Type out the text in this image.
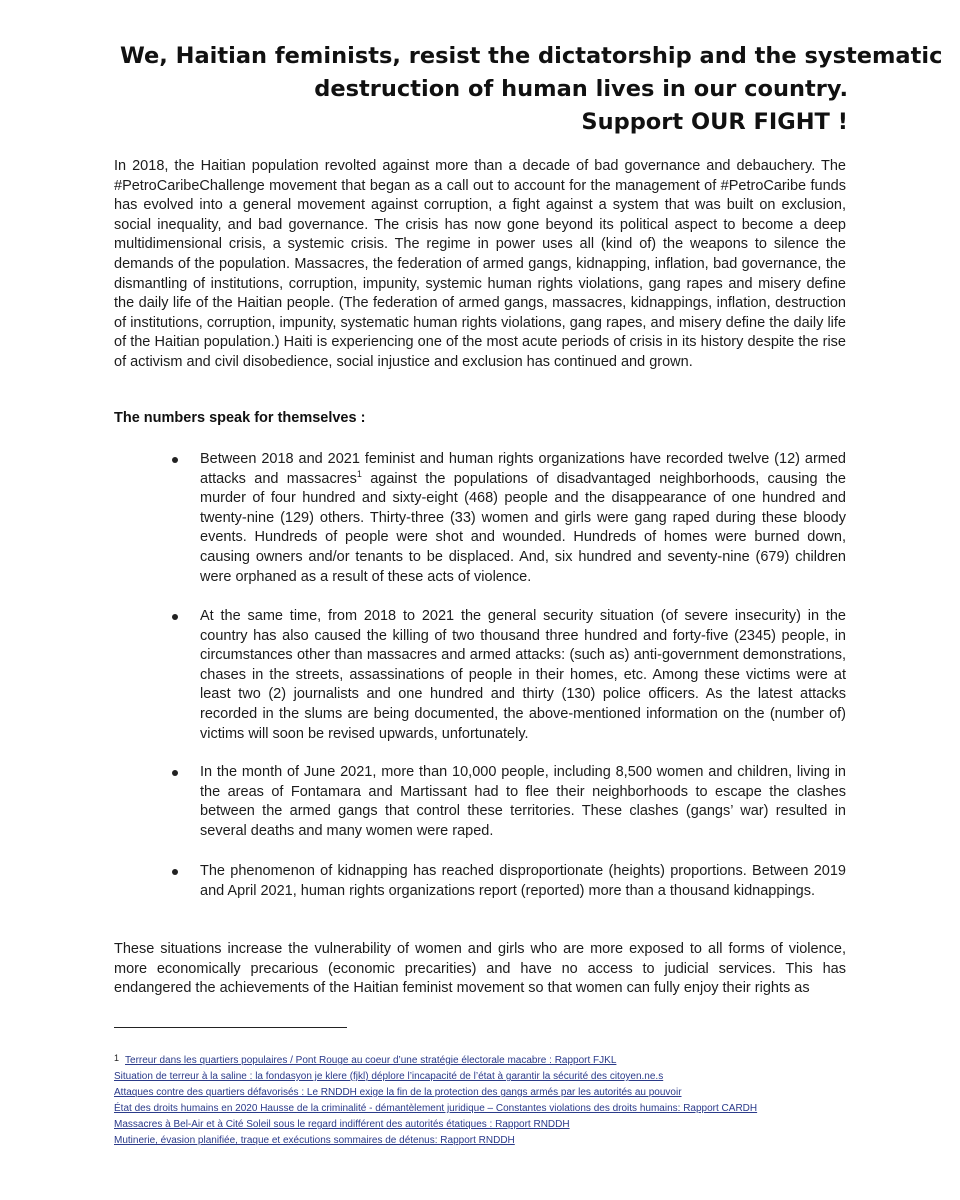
We, Haitian feminists, resist the dictatorship and the systematic
destruction of human lives in our country.
Support OUR FIGHT !
In 2018, the Haitian population revolted against more than a decade of bad governance and debauchery. The #PetroCaribeChallenge movement that began as a call out to account for the management of #PetroCaribe funds has evolved into a general movement against corruption, a fight against a system that was built on exclusion, social inequality, and bad governance. The crisis has now gone beyond its political aspect to become a deep multidimensional crisis, a systemic crisis. The regime in power uses all (kind of) the weapons to silence the demands of the population. Massacres, the federation of armed gangs, kidnapping, inflation, bad governance, the dismantling of institutions, corruption, impunity, systemic human rights violations, gang rapes and misery define the daily life of the Haitian people. (The federation of armed gangs, massacres, kidnappings, inflation, destruction of institutions, corruption, impunity, systematic human rights violations, gang rapes, and misery define the daily life of the Haitian population.) Haiti is experiencing one of the most acute periods of crisis in its history despite the rise of activism and civil disobedience, social injustice and exclusion has continued and grown.
The numbers speak for themselves :
Between 2018 and 2021 feminist and human rights organizations have recorded twelve (12) armed attacks and massacres$^1$ against the populations of disadvantaged neighborhoods, causing the murder of four hundred and sixty-eight (468) people and the disappearance of one hundred and twenty-nine (129) others. Thirty-three (33) women and girls were gang raped during these bloody events. Hundreds of people were shot and wounded. Hundreds of homes were burned down, causing owners and/or tenants to be displaced. And, six hundred and seventy-nine (679) children were orphaned as a result of these acts of violence.
At the same time, from 2018 to 2021 the general security situation (of severe insecurity) in the country has also caused the killing of two thousand three hundred and forty-five (2345) people, in circumstances other than massacres and armed attacks: (such as) anti-government demonstrations, chases in the streets, assassinations of people in their homes, etc. Among these victims were at least two (2) journalists and one hundred and thirty (130) police officers. As the latest attacks recorded in the slums are being documented, the above-mentioned information on the (number of) victims will soon be revised upwards, unfortunately.
In the month of June 2021, more than 10,000 people, including 8,500 women and children, living in the areas of Fontamara and Martissant had to flee their neighborhoods to escape the clashes between the armed gangs that control these territories. These clashes (gangs’ war) resulted in several deaths and many women were raped.
The phenomenon of kidnapping has reached disproportionate (heights) proportions. Between 2019 and April 2021, human rights organizations report (reported) more than a thousand kidnappings.
These situations increase the vulnerability of women and girls who are more exposed to all forms of violence, more economically precarious (economic precarities) and have no access to judicial services. This has endangered the achievements of the Haitian feminist movement so that women can fully enjoy their rights as
1 Terreur dans les quartiers populaires / Pont Rouge au coeur d’une stratégie électorale macabre : Rapport FJKL
Situation de terreur à la saline : la fondasyon je klere (fjkl) déplore l’incapacité de l’état à garantir la sécurité des citoyen.ne.s
Attaques contre des quartiers défavorisés : Le RNDDH exige la fin de la protection des gangs armés par les autorités au pouvoir
État des droits humains en 2020 Hausse de la criminalité - démantèlement juridique – Constantes violations des droits humains: Rapport CARDH
Massacres à Bel-Air et à Cité Soleil sous le regard indifférent des autorités étatiques : Rapport RNDDH
Mutinerie, évasion planifiée, traque et exécutions sommaires de détenus: Rapport RNDDH
